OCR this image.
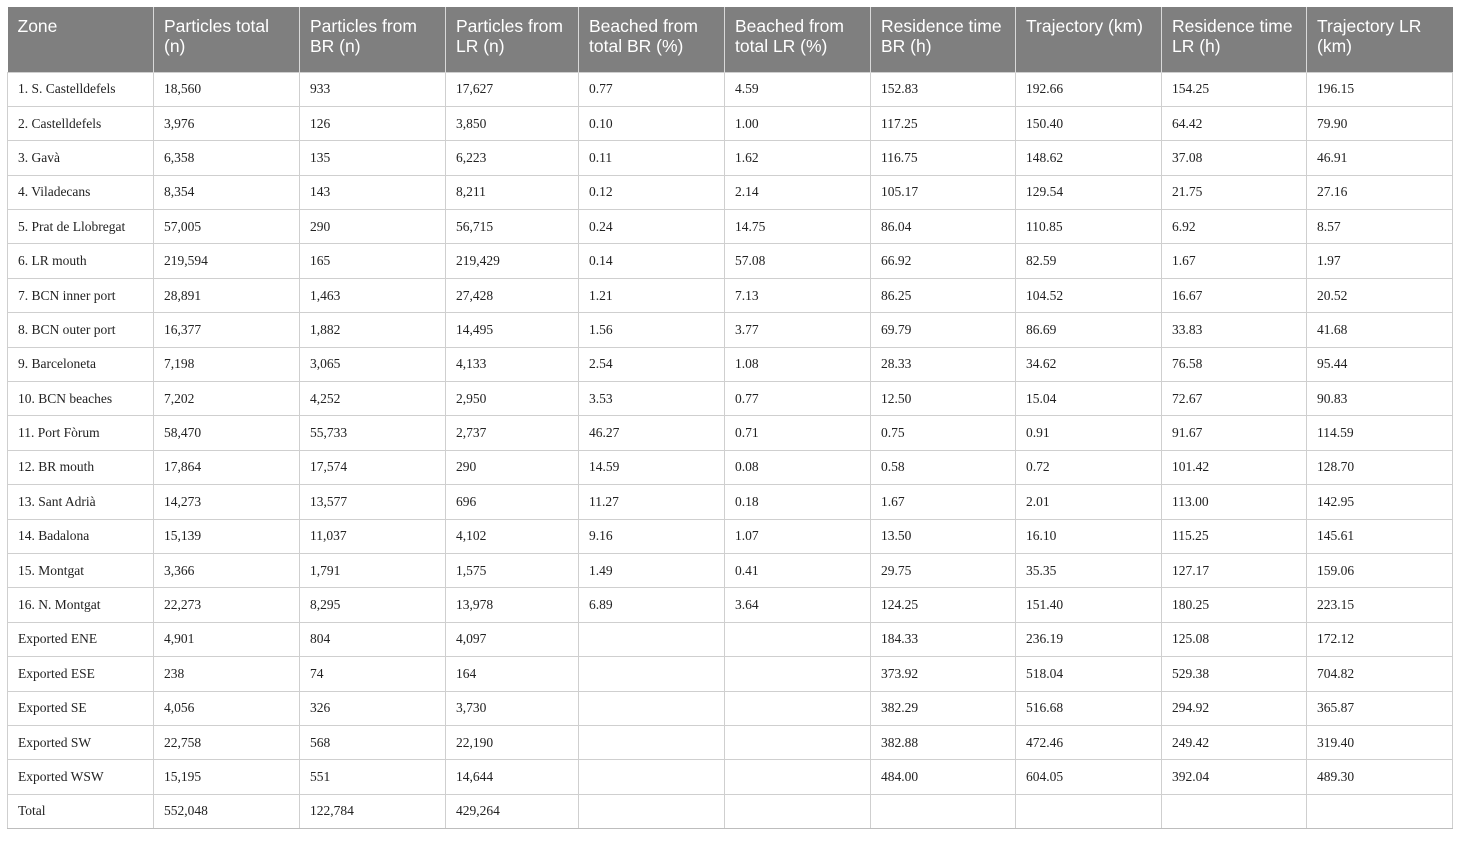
Zone	Particles total (n)	Particles from BR (n)	Particles from LR (n)	Beached from total BR (%)	Beached from total LR (%)	Residence time BR (h)	Trajectory (km)	Residence time LR (h)	Trajectory LR (km)
1. S. Castelldefels	18,560	933	17,627	0.77	4.59	152.83	192.66	154.25	196.15
2. Castelldefels	3,976	126	3,850	0.10	1.00	117.25	150.40	64.42	79.90
3. Gavà	6,358	135	6,223	0.11	1.62	116.75	148.62	37.08	46.91
4. Viladecans	8,354	143	8,211	0.12	2.14	105.17	129.54	21.75	27.16
5. Prat de Llobregat	57,005	290	56,715	0.24	14.75	86.04	110.85	6.92	8.57
6. LR mouth	219,594	165	219,429	0.14	57.08	66.92	82.59	1.67	1.97
7. BCN inner port	28,891	1,463	27,428	1.21	7.13	86.25	104.52	16.67	20.52
8. BCN outer port	16,377	1,882	14,495	1.56	3.77	69.79	86.69	33.83	41.68
9. Barceloneta	7,198	3,065	4,133	2.54	1.08	28.33	34.62	76.58	95.44
10. BCN beaches	7,202	4,252	2,950	3.53	0.77	12.50	15.04	72.67	90.83
11. Port Fòrum	58,470	55,733	2,737	46.27	0.71	0.75	0.91	91.67	114.59
12. BR mouth	17,864	17,574	290	14.59	0.08	0.58	0.72	101.42	128.70
13. Sant Adrià	14,273	13,577	696	11.27	0.18	1.67	2.01	113.00	142.95
14. Badalona	15,139	11,037	4,102	9.16	1.07	13.50	16.10	115.25	145.61
15. Montgat	3,366	1,791	1,575	1.49	0.41	29.75	35.35	127.17	159.06
16. N. Montgat	22,273	8,295	13,978	6.89	3.64	124.25	151.40	180.25	223.15
Exported ENE	4,901	804	4,097			184.33	236.19	125.08	172.12
Exported ESE	238	74	164			373.92	518.04	529.38	704.82
Exported SE	4,056	326	3,730			382.29	516.68	294.92	365.87
Exported SW	22,758	568	22,190			382.88	472.46	249.42	319.40
Exported WSW	15,195	551	14,644			484.00	604.05	392.04	489.30
Total	552,048	122,784	429,264						
